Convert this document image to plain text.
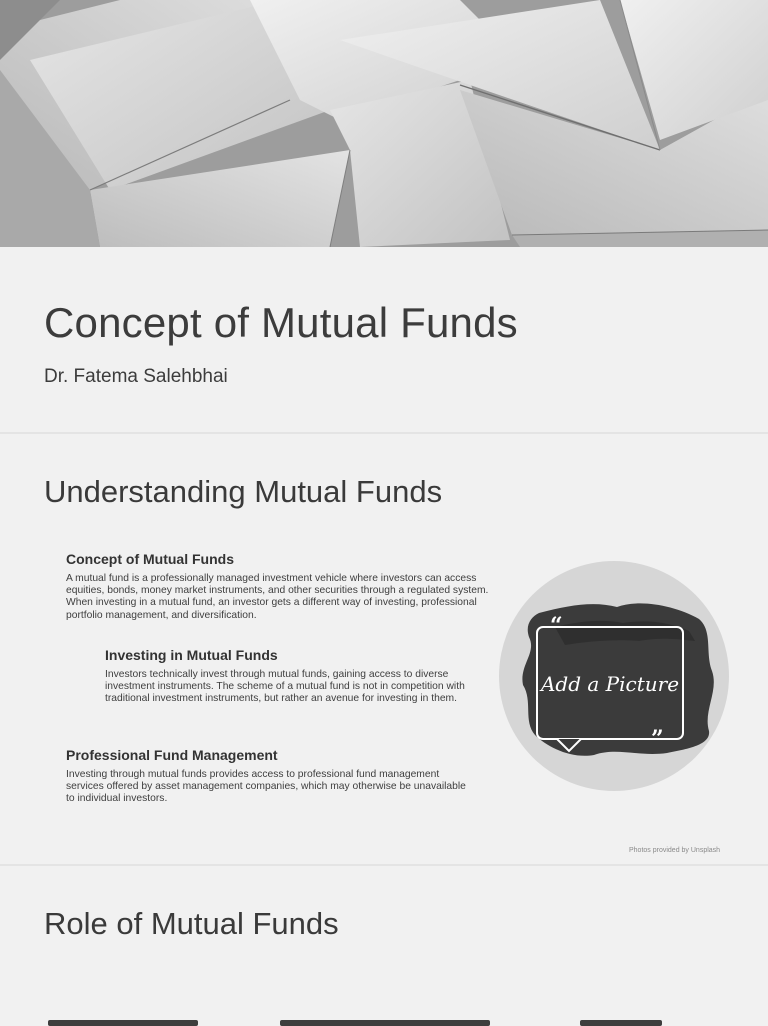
Concept of Mutual Funds

Dr. Fatema Salehbhai

Understanding Mutual Funds
Concept of Mutual Funds

A mutual fund is a professionally managed investment vehicle where investors can access equities, bonds, money market instruments, and other securities through a regulated system. When investing in a mutual fund, an investor gets a different way of investing, professional portfolio management, and diversification.

Investing in Mutual Funds

Investors technically invest through mutual funds, gaining access to diverse investment instruments. The scheme of a mutual fund is not in competition with traditional investment instruments, but rather an avenue for investing in them.

Professional Fund Management

Investing through mutual funds provides access to professional fund management services offered by asset management companies, which may otherwise be unavailable to individual investors.

“
”
Add a Picture
Photos provided by Unsplash
Role of Mutual Funds
